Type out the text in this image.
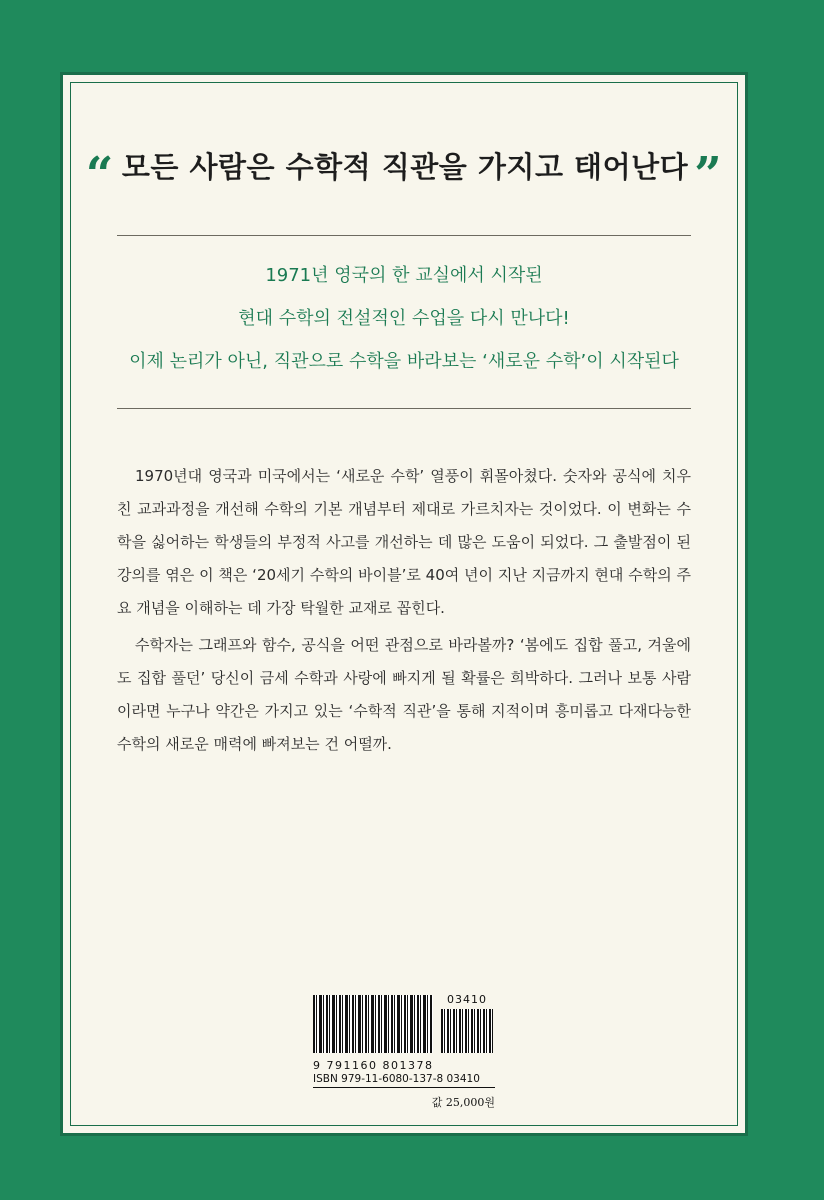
“ 모든 사람은 수학적 직관을 가지고 태어난다 ”
1971년 영국의 한 교실에서 시작된
현대 수학의 전설적인 수업을 다시 만나다!
이제 논리가 아닌, 직관으로 수학을 바라보는 ‘새로운 수학’이 시작된다

1970년대 영국과 미국에서는 ‘새로운 수학’ 열풍이 휘몰아쳤다. 숫자와 공식에 치우친 교과과정을 개선해 수학의 기본 개념부터 제대로 가르치자는 것이었다. 이 변화는 수학을 싫어하는 학생들의 부정적 사고를 개선하는 데 많은 도움이 되었다. 그 출발점이 된 강의를 엮은 이 책은 ‘20세기 수학의 바이블’로 40여 년이 지난 지금까지 현대 수학의 주요 개념을 이해하는 데 가장 탁월한 교재로 꼽힌다.

수학자는 그래프와 함수, 공식을 어떤 관점으로 바라볼까? ‘봄에도 집합 풀고, 겨울에도 집합 풀던’ 당신이 금세 수학과 사랑에 빠지게 될 확률은 희박하다. 그러나 보통 사람이라면 누구나 약간은 가지고 있는 ‘수학적 직관’을 통해 지적이며 흥미롭고 다재다능한 수학의 새로운 매력에 빠져보는 건 어떨까.

03410
9 791160 801378
ISBN 979-11-6080-137-8 03410
값 25,000원
